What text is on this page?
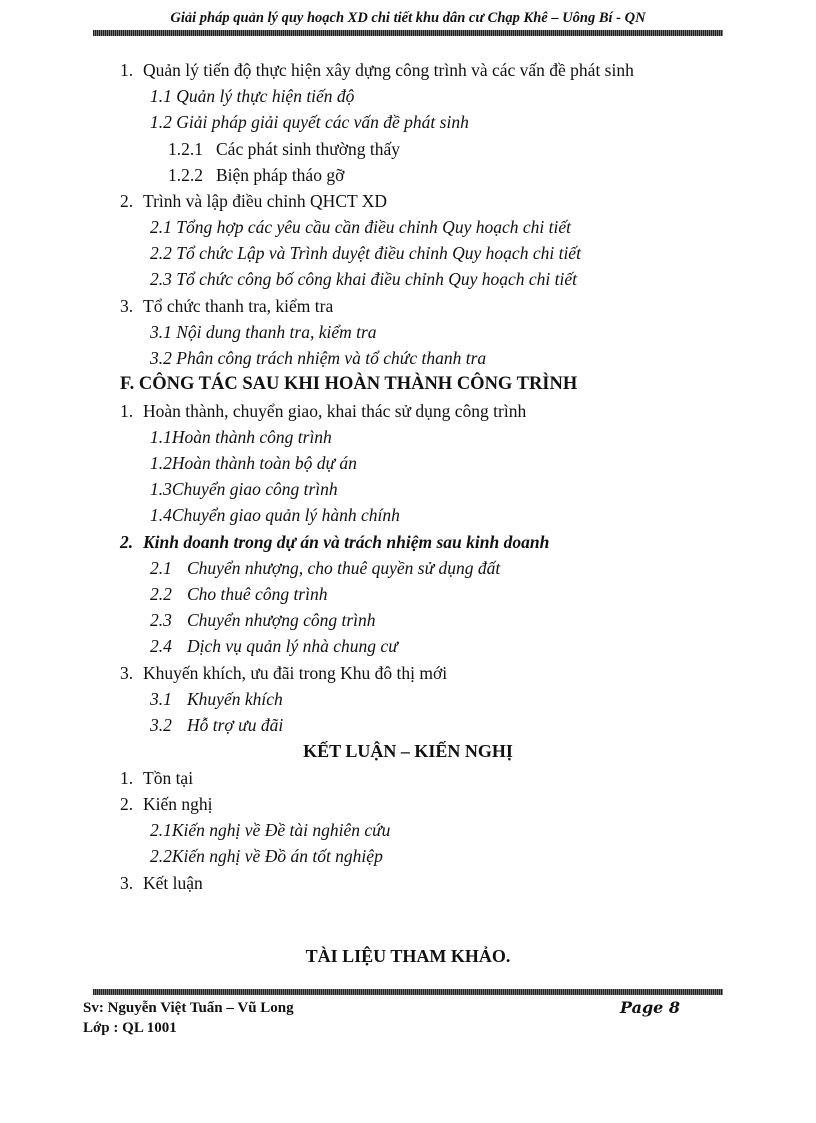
Giải pháp quản lý quy hoạch XD chi tiết khu dân cư Chạp Khê – Uông Bí - QN
1. Quản lý tiến độ thực hiện xây dựng công trình và các vấn đề phát sinh
1.1 Quản lý thực hiện tiến độ
1.2 Giải pháp giải quyết các vấn đề phát sinh
1.2.1 Các phát sinh thường thấy
1.2.2 Biện pháp tháo gỡ
2. Trình và lập điều chỉnh QHCT XD
2.1 Tổng hợp các yêu cầu cần điều chỉnh Quy hoạch chi tiết
2.2 Tổ chức Lập và Trình duyệt điều chỉnh Quy hoạch chi tiết
2.3 Tổ chức công bố công khai điều chỉnh Quy hoạch chi tiết
3. Tổ chức thanh tra, kiểm tra
3.1 Nội dung thanh tra, kiểm tra
3.2 Phân công trách nhiệm và tổ chức thanh tra
F. CÔNG TÁC SAU KHI HOÀN THÀNH CÔNG TRÌNH
1. Hoàn thành, chuyển giao, khai thác sử dụng công trình
1.1Hoàn thành công trình
1.2Hoàn thành toàn bộ dự án
1.3Chuyển giao công trình
1.4Chuyển giao quản lý hành chính
2. Kinh doanh trong dự án và trách nhiệm sau kinh doanh
2.1 Chuyển nhượng, cho thuê quyền sử dụng đất
2.2 Cho thuê công trình
2.3 Chuyển nhượng công trình
2.4 Dịch vụ quản lý nhà chung cư
3. Khuyến khích, ưu đãi trong Khu đô thị mới
3.1 Khuyến khích
3.2 Hỗ trợ ưu đãi
KẾT LUẬN – KIẾN NGHỊ
1. Tồn tại
2. Kiến nghị
2.1Kiến nghị về Đề tài nghiên cứu
2.2Kiến nghị về Đồ án tốt nghiệp
3. Kết luận
TÀI LIỆU THAM KHẢO.
Sv: Nguyễn Việt Tuấn – Vũ Long
Lớp : QL 1001
Page 8
